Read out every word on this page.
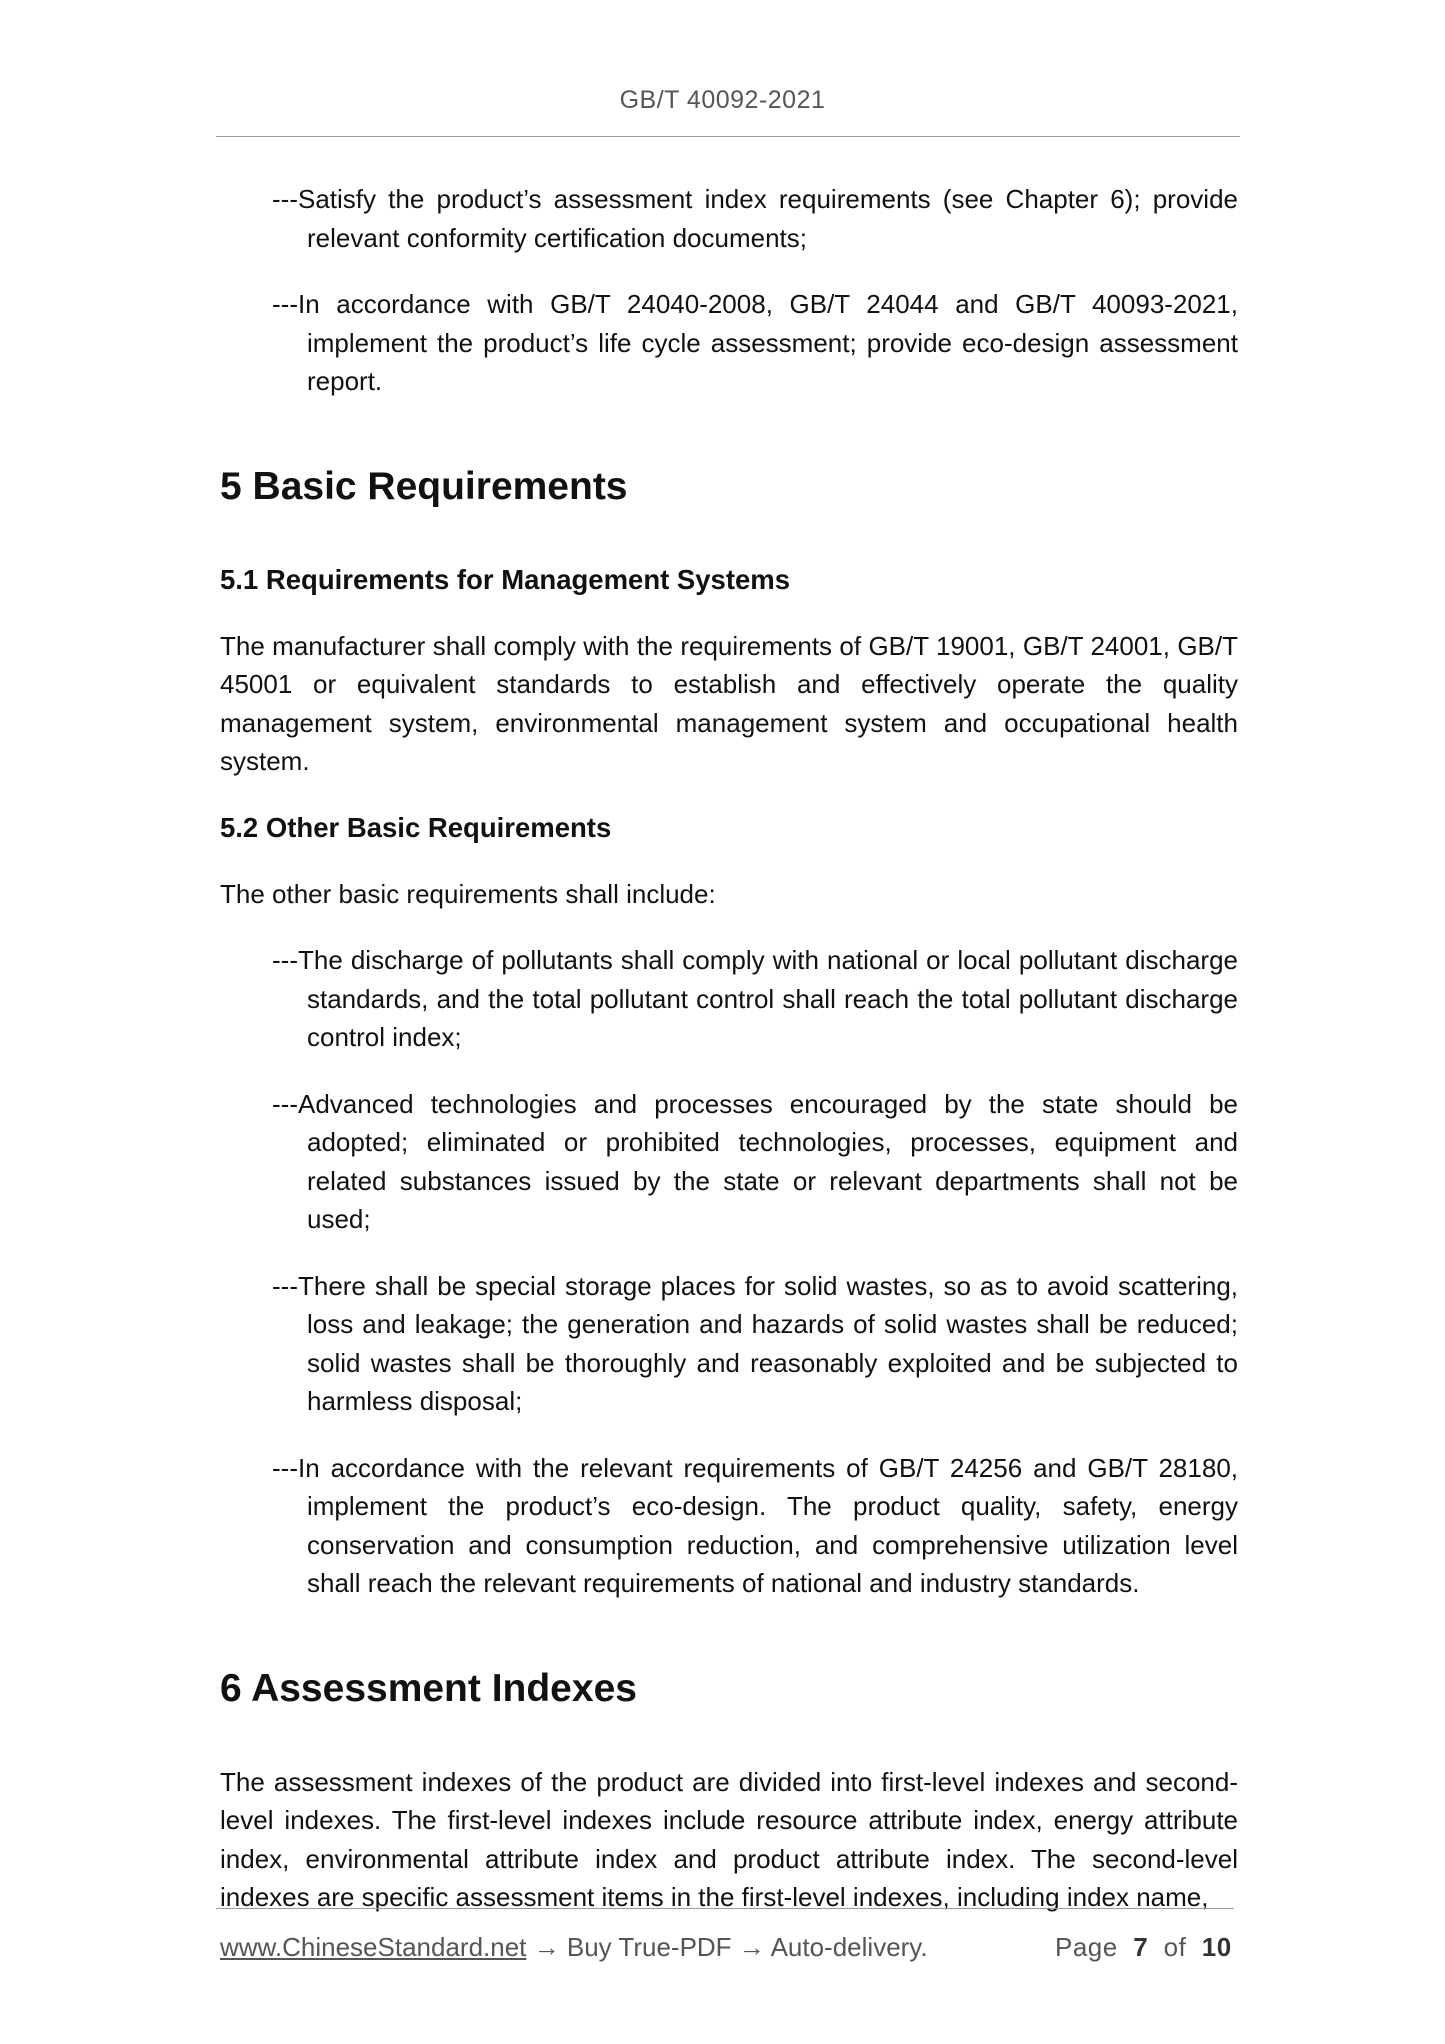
GB/T 40092-2021

---Satisfy the product’s assessment index requirements (see Chapter 6); provide relevant conformity certification documents;

---In accordance with GB/T 24040-2008, GB/T 24044 and GB/T 40093-2021, implement the product’s life cycle assessment; provide eco-design assessment report.

5 Basic Requirements
5.1 Requirements for Management Systems

The manufacturer shall comply with the requirements of GB/T 19001, GB/T 24001, GB/T 45001 or equivalent standards to establish and effectively operate the quality management system, environmental management system and occupational health system.

5.2 Other Basic Requirements

The other basic requirements shall include:

---The discharge of pollutants shall comply with national or local pollutant discharge standards, and the total pollutant control shall reach the total pollutant discharge control index;

---Advanced technologies and processes encouraged by the state should be adopted; eliminated or prohibited technologies, processes, equipment and related substances issued by the state or relevant departments shall not be used;

---There shall be special storage places for solid wastes, so as to avoid scattering, loss and leakage; the generation and hazards of solid wastes shall be reduced; solid wastes shall be thoroughly and reasonably exploited and be subjected to harmless disposal;

---In accordance with the relevant requirements of GB/T 24256 and GB/T 28180, implement the product’s eco-design. The product quality, safety, energy conservation and consumption reduction, and comprehensive utilization level shall reach the relevant requirements of national and industry standards.

6 Assessment Indexes

The assessment indexes of the product are divided into first-level indexes and second-level indexes. The first-level indexes include resource attribute index, energy attribute index, environmental attribute index and product attribute index. The second-level indexes are specific assessment items in the first-level indexes, including index name,

www.ChineseStandard.net → Buy True-PDF → Auto-delivery.	Page 7 of 10
